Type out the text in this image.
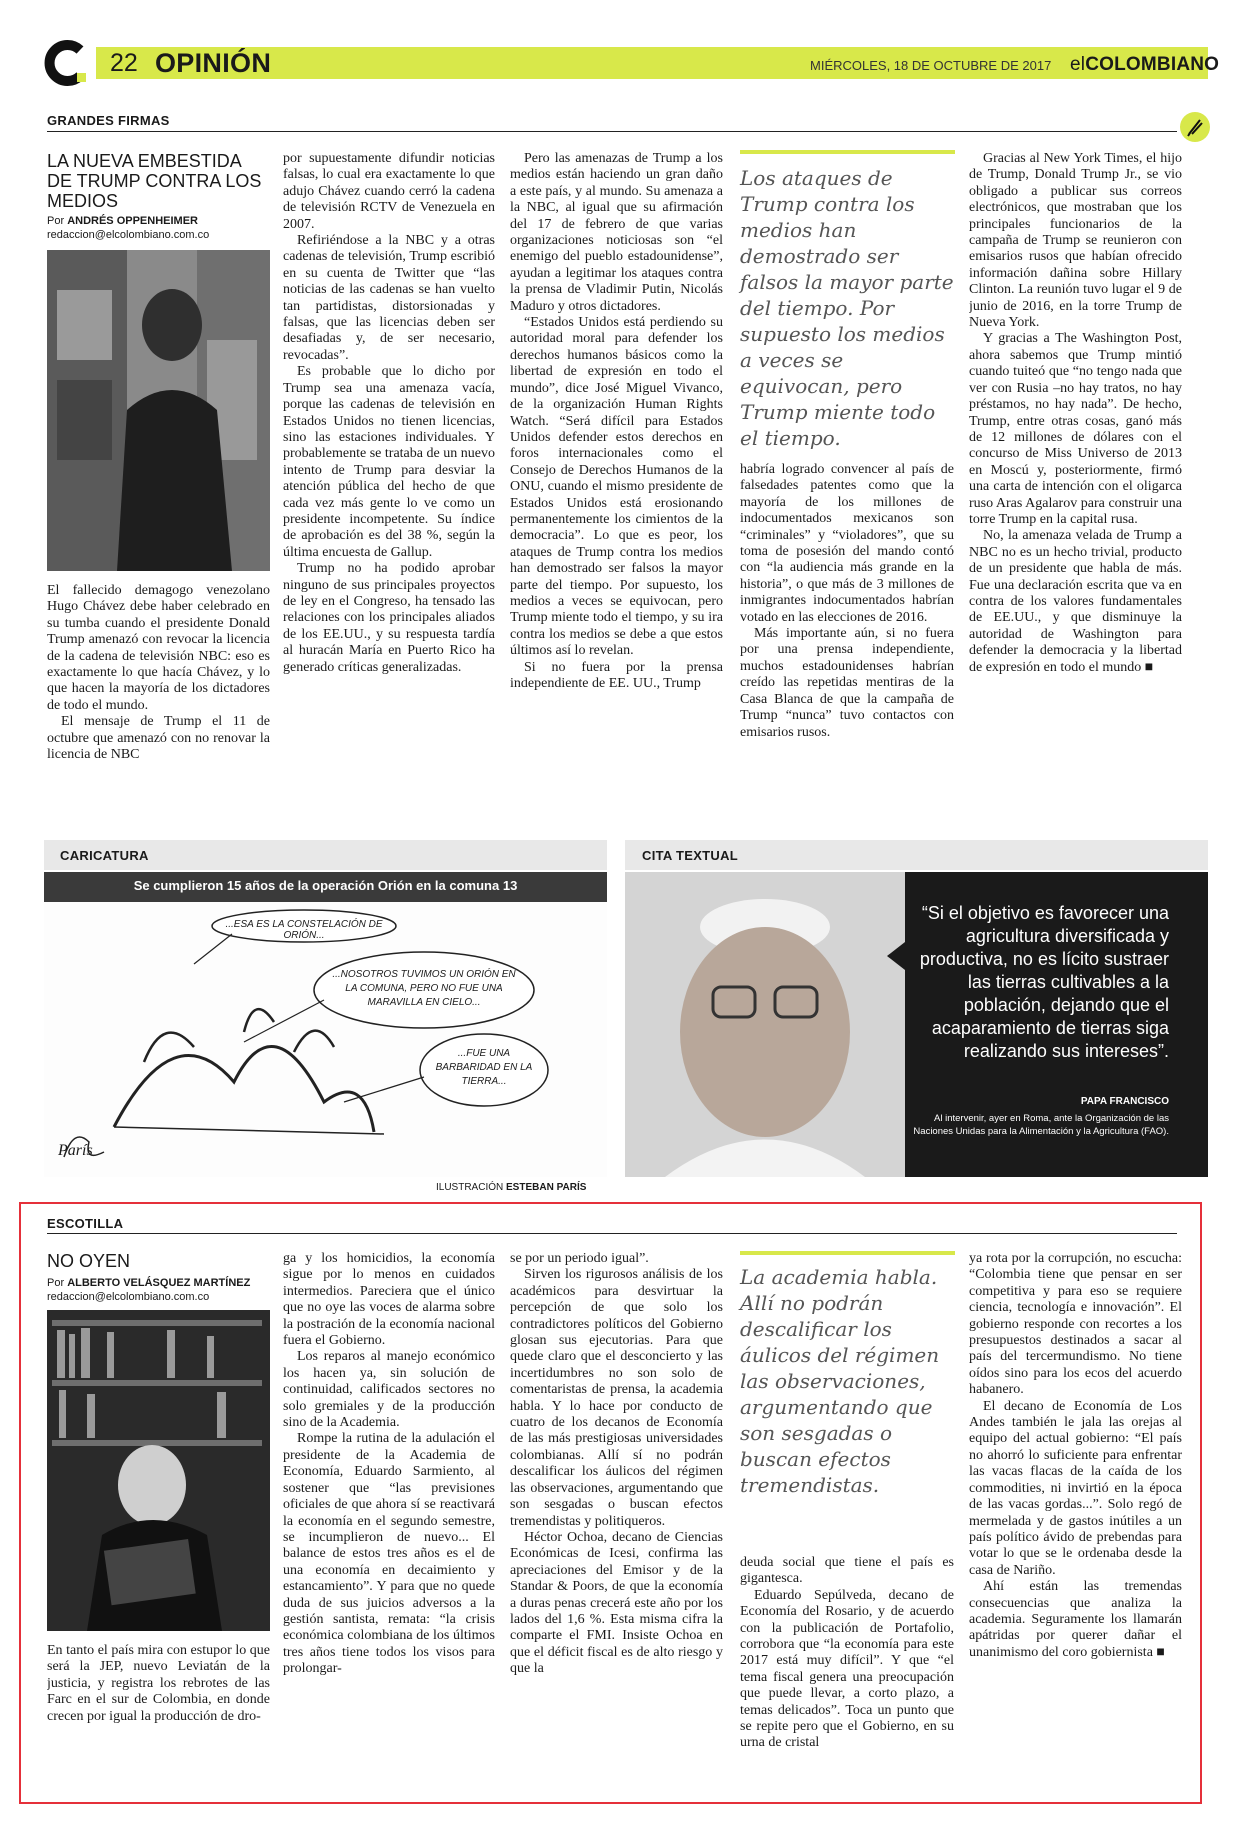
22 OPINIÓN	MIÉRCOLES, 18 DE OCTUBRE DE 2017 elCOLOMBIANO
GRANDES FIRMAS
LA NUEVA EMBESTIDA DE TRUMP CONTRA LOS MEDIOS
Por ANDRÉS OPPENHEIMER
redaccion@elcolombiano.com.co

El fallecido demagogo venezolano Hugo Chávez debe haber celebrado en su tumba cuando el presidente Donald Trump amenazó con revocar la licencia de la cadena de televisión NBC: eso es exactamente lo que hacía Chávez, y lo que hacen la mayoría de los dictadores de todo el mundo.

El mensaje de Trump el 11 de octubre que amenazó con no renovar la licencia de NBC

por supuestamente difundir noticias falsas, lo cual era exactamente lo que adujo Chávez cuando cerró la cadena de televisión RCTV de Venezuela en 2007.

Refiriéndose a la NBC y a otras cadenas de televisión, Trump escribió en su cuenta de Twitter que “las noticias de las cadenas se han vuelto tan partidistas, distorsionadas y falsas, que las licencias deben ser desafiadas y, de ser necesario, revocadas”.

Es probable que lo dicho por Trump sea una amenaza vacía, porque las cadenas de televisión en Estados Unidos no tienen licencias, sino las estaciones individuales. Y probablemente se trataba de un nuevo intento de Trump para desviar la atención pública del hecho de que cada vez más gente lo ve como un presidente incompetente. Su índice de aprobación es del 38 %, según la última encuesta de Gallup.

Trump no ha podido aprobar ninguno de sus principales proyectos de ley en el Congreso, ha tensado las relaciones con los principales aliados de los EE.UU., y su respuesta tardía al huracán María en Puerto Rico ha generado críticas generalizadas.

Pero las amenazas de Trump a los medios están haciendo un gran daño a este país, y al mundo. Su amenaza a la NBC, al igual que su afirmación del 17 de febrero de que varias organizaciones noticiosas son “el enemigo del pueblo estadounidense”, ayudan a legitimar los ataques contra la prensa de Vladimir Putin, Nicolás Maduro y otros dictadores.

“Estados Unidos está perdiendo su autoridad moral para defender los derechos humanos básicos como la libertad de expresión en todo el mundo”, dice José Miguel Vivanco, de la organización Human Rights Watch. “Será difícil para Estados Unidos defender estos derechos en foros internacionales como el Consejo de Derechos Humanos de la ONU, cuando el mismo presidente de Estados Unidos está erosionando permanentemente los cimientos de la democracia”. Lo que es peor, los ataques de Trump contra los medios han demostrado ser falsos la mayor parte del tiempo. Por supuesto, los medios a veces se equivocan, pero Trump miente todo el tiempo, y su ira contra los medios se debe a que estos últimos así lo revelan.

Si no fuera por la prensa independiente de EE. UU., Trump

Los ataques de Trump contra los medios han demostrado ser falsos la mayor parte del tiempo. Por supuesto los medios a veces se equivocan, pero Trump miente todo el tiempo.

habría logrado convencer al país de falsedades patentes como que la mayoría de los millones de indocumentados mexicanos son “criminales” y “violadores”, que su toma de posesión del mando contó con “la audiencia más grande en la historia”, o que más de 3 millones de inmigrantes indocumentados habrían votado en las elecciones de 2016.

Más importante aún, si no fuera por una prensa independiente, muchos estadounidenses habrían creído las repetidas mentiras de la Casa Blanca de que la campaña de Trump “nunca” tuvo contactos con emisarios rusos.

Gracias al New York Times, el hijo de Trump, Donald Trump Jr., se vio obligado a publicar sus correos electrónicos, que mostraban que los principales funcionarios de la campaña de Trump se reunieron con emisarios rusos que habían ofrecido información dañina sobre Hillary Clinton. La reunión tuvo lugar el 9 de junio de 2016, en la torre Trump de Nueva York.

Y gracias a The Washington Post, ahora sabemos que Trump mintió cuando tuiteó que “no tengo nada que ver con Rusia –no hay tratos, no hay préstamos, no hay nada”. De hecho, Trump, entre otras cosas, ganó más de 12 millones de dólares con el concurso de Miss Universo de 2013 en Moscú y, posteriormente, firmó una carta de intención con el oligarca ruso Aras Agalarov para construir una torre Trump en la capital rusa.

No, la amenaza velada de Trump a NBC no es un hecho trivial, producto de un presidente que habla de más. Fue una declaración escrita que va en contra de los valores fundamentales de EE.UU., y que disminuye la autoridad de Washington para defender la democracia y la libertad de expresión en todo el mundo ■

CARICATURA
Se cumplieron 15 años de la operación Orión en la comuna 13
...ESA ES LA CONSTELACIÓN DE ORIÓN...
...NOSOTROS TUVIMOS UN ORIÓN EN LA COMUNA, PERO NO FUE UNA MARAVILLA EN CIELO...
...FUE UNA BARBARIDAD EN LA TIERRA...
París
ILUSTRACIÓN ESTEBAN PARÍS
CITA TEXTUAL
“Si el objetivo es favorecer una agricultura diversificada y productiva, no es lícito sustraer las tierras cultivables a la población, dejando que el acaparamiento de tierras siga realizando sus intereses”.
PAPA FRANCISCO
Al intervenir, ayer en Roma, ante la Organización de las Naciones Unidas para la Alimentación y la Agricultura (FAO).
ESCOTILLA
NO OYEN
Por ALBERTO VELÁSQUEZ MARTÍNEZ
redaccion@elcolombiano.com.co

En tanto el país mira con estupor lo que será la JEP, nuevo Leviatán de la justicia, y registra los rebrotes de las Farc en el sur de Colombia, en donde crecen por igual la producción de dro-

ga y los homicidios, la economía sigue por lo menos en cuidados intermedios. Pareciera que el único que no oye las voces de alarma sobre la postración de la economía nacional fuera el Gobierno.

Los reparos al manejo económico los hacen ya, sin solución de continuidad, calificados sectores no solo gremiales y de la producción sino de la Academia.

Rompe la rutina de la adulación el presidente de la Academia de Economía, Eduardo Sarmiento, al sostener que “las previsiones oficiales de que ahora sí se reactivará la economía en el segundo semestre, se incumplieron de nuevo... El balance de estos tres años es el de una economía en decaimiento y estancamiento”. Y para que no quede duda de sus juicios adversos a la gestión santista, remata: “la crisis económica colombiana de los últimos tres años tiene todos los visos para prolongar-

se por un periodo igual”.

Sirven los rigurosos análisis de los académicos para desvirtuar la percepción de que solo los contradictores políticos del Gobierno glosan sus ejecutorias. Para que quede claro que el desconcierto y las incertidumbres no son solo de comentaristas de prensa, la academia habla. Y lo hace por conducto de cuatro de los decanos de Economía de las más prestigiosas universidades colombianas. Allí sí no podrán descalificar los áulicos del régimen las observaciones, argumentando que son sesgadas o buscan efectos tremendistas y politiqueros.

Héctor Ochoa, decano de Ciencias Económicas de Icesi, confirma las apreciaciones del Emisor y de la Standar & Poors, de que la economía a duras penas crecerá este año por los lados del 1,6 %. Esta misma cifra la comparte el FMI. Insiste Ochoa en que el déficit fiscal es de alto riesgo y que la

La academia habla. Allí no podrán descalificar los áulicos del régimen las observaciones, argumentando que son sesgadas o buscan efectos tremendistas.

deuda social que tiene el país es gigantesca.

Eduardo Sepúlveda, decano de Economía del Rosario, y de acuerdo con la publicación de Portafolio, corrobora que “la economía para este 2017 está muy difícil”. Y que “el tema fiscal genera una preocupación que puede llevar, a corto plazo, a temas delicados”. Toca un punto que se repite pero que el Gobierno, en su urna de cristal

ya rota por la corrupción, no escucha: “Colombia tiene que pensar en ser competitiva y para eso se requiere ciencia, tecnología e innovación”. El gobierno responde con recortes a los presupuestos destinados a sacar al país del tercermundismo. No tiene oídos sino para los ecos del acuerdo habanero.

El decano de Economía de Los Andes también le jala las orejas al equipo del actual gobierno: “El país no ahorró lo suficiente para enfrentar las vacas flacas de la caída de los commodities, ni invirtió en la época de las vacas gordas...”. Solo regó de mermelada y de gastos inútiles a un país político ávido de prebendas para votar lo que se le ordenaba desde la casa de Nariño.

Ahí están las tremendas consecuencias que analiza la academia. Seguramente los llamarán apátridas por querer dañar el unanimismo del coro gobiernista ■
